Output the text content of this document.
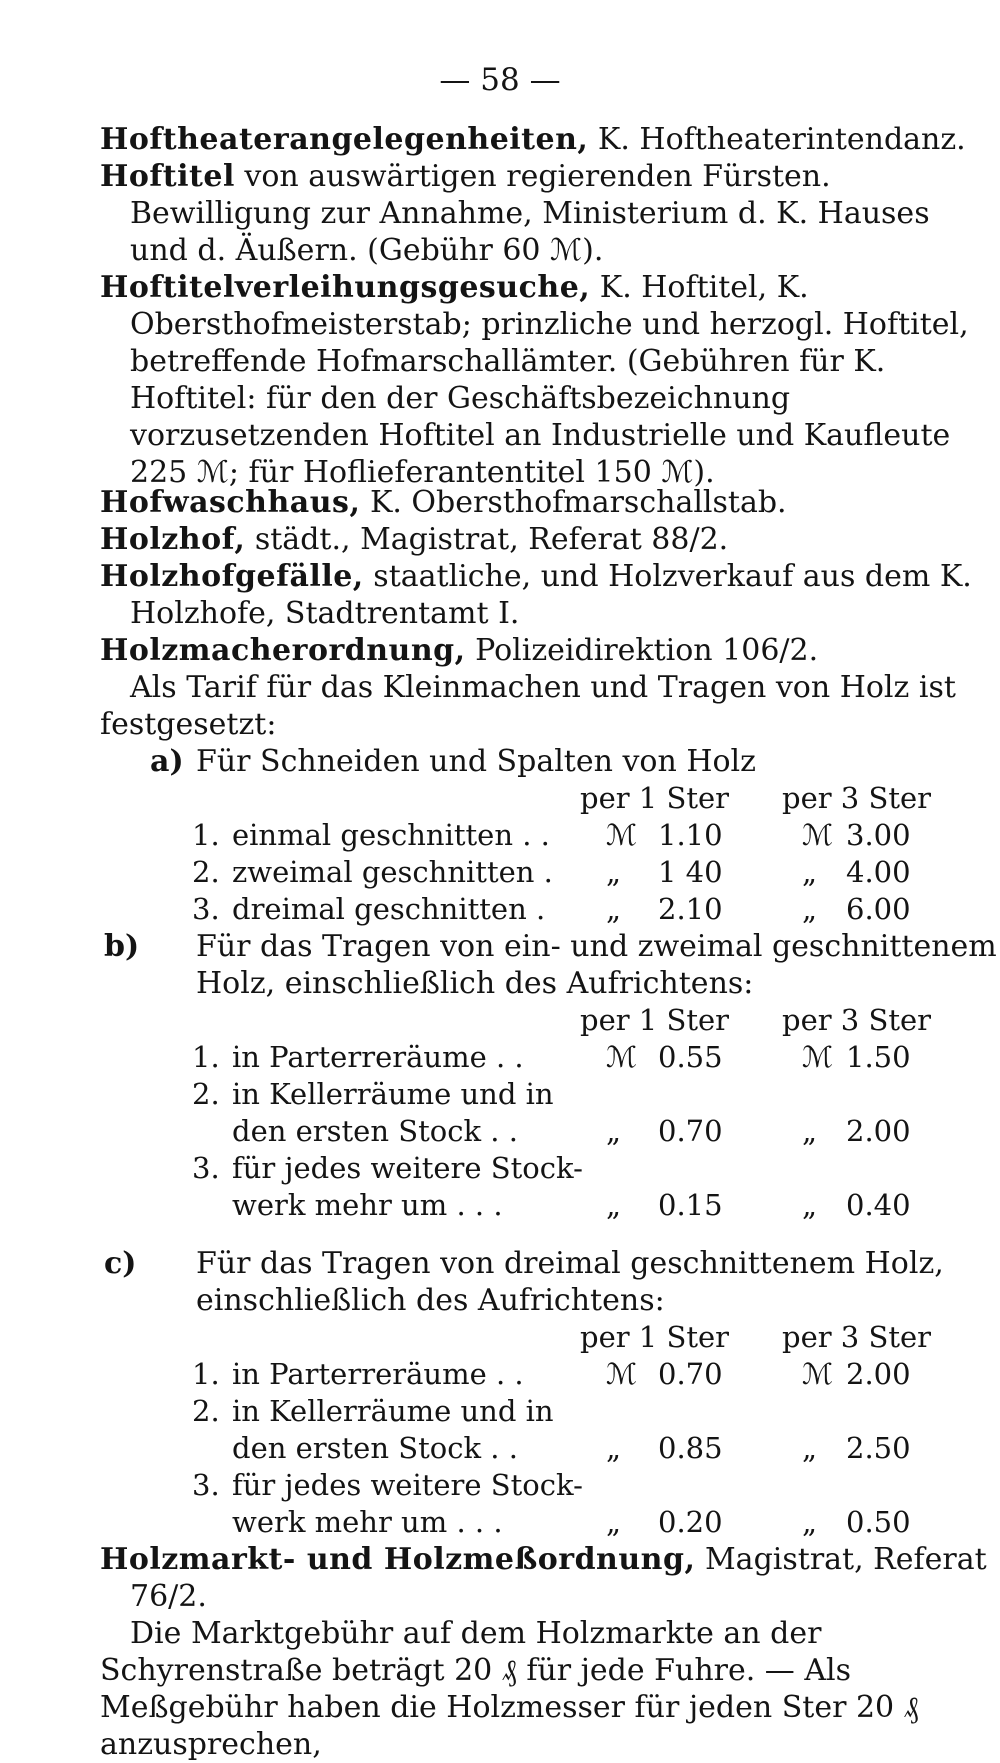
— 58 —

Hoftheaterangelegenheiten, K. Hoftheaterintendanz.

Hoftitel von auswärtigen regierenden Fürsten. Bewilligung zur Annahme, Ministerium d. K. Hauses und d. Äußern. (Gebühr 60 ℳ).

Hoftitelverleihungsgesuche, K. Hoftitel, K. Obersthofmeisterstab; prinzliche und herzogl. Hoftitel, betreffende Hofmarschallämter. (Gebühren für K. Hoftitel: für den der Geschäftsbezeichnung vorzusetzenden Hoftitel an Industrielle und Kaufleute 225 ℳ; für Hoflieferantentitel 150 ℳ).

Hofwaschhaus, K. Obersthofmarschallstab.

Holzhof, städt., Magistrat, Referat 88/2.

Holzhofgefälle, staatliche, und Holzverkauf aus dem K. Holzhofe, Stadtrentamt I.

Holzmacherordnung, Polizeidirektion 106/2.

Als Tarif für das Kleinmachen und Tragen von Holz ist festgesetzt:

a) Für Schneiden und Spalten von Holz

per 1 Ster per 3 Ster
1. einmal geschnitten . . ℳ 1.10	ℳ 3.00
2. zweimal geschnitten . „ 1 40	„ 4.00
3. dreimal geschnitten . „ 2.10	„ 6.00

b) Für das Tragen von ein- und zweimal geschnittenem Holz, einschließlich des Aufrichtens:

per 1 Ster per 3 Ster
1. in Parterreräume . .	ℳ 0.55	ℳ 1.50
2. in Kellerräume und in
den ersten Stock . .	„ 0.70	„ 2.00
3. für jedes weitere Stock-
werk mehr um . . .	„ 0.15	„ 0.40

c) Für das Tragen von dreimal geschnittenem Holz, einschließlich des Aufrichtens:

per 1 Ster per 3 Ster
1. in Parterreräume . .	ℳ 0.70	ℳ 2.00
2. in Kellerräume und in
den ersten Stock . .	„ 0.85	„ 2.50
3. für jedes weitere Stock-
werk mehr um . . .	„ 0.20	„ 0.50

Holzmarkt- und Holzmeßordnung, Magistrat, Referat 76/2.

Die Marktgebühr auf dem Holzmarkte an der Schyrenstraße beträgt 20 ₰ für jede Fuhre. — Als Meßgebühr haben die Holzmesser für jeden Ster 20 ₰ anzusprechen,
